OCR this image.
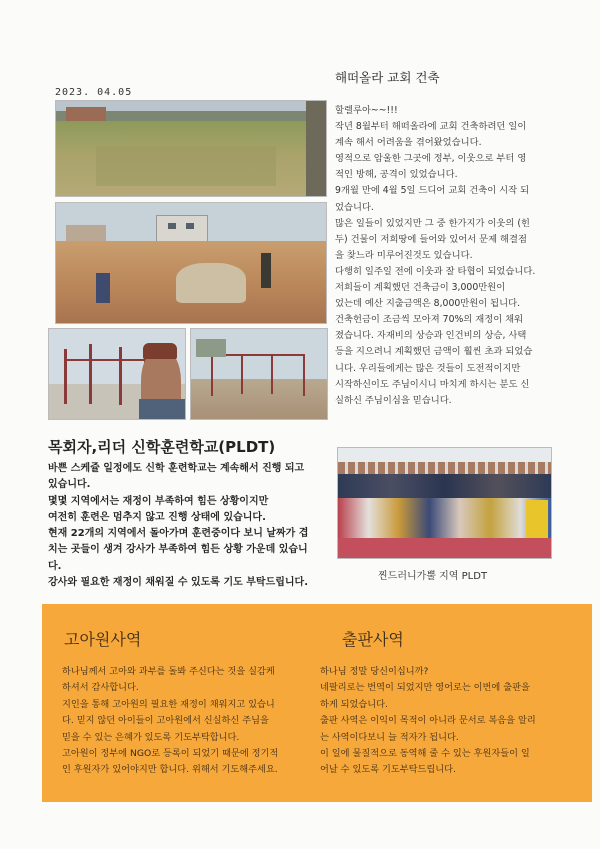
2023. 04.05
해떠올라 교회 건축

할렐루아~~!!!

작년 8월부터 해떠올라에 교회 건축하려던 일이

계속 해서 어려움을 겪어왔었습니다.

영적으로 암울한 그곳에 정부, 이웃으로 부터 영

적인 방해, 공격이 있었습니다.

9개월 만에 4월 5일 드디어 교회 건축이 시작 되

었습니다.

많은 일들이 있었지만 그 중 한가지가 이웃의 (힌

두) 건물이 저희땅에 들어와 있어서 문제 해결점

을 찾느라 미루어진것도 있습니다.

다행히 일주일 전에 이웃과 잘 타협이 되었습니다.

저희들이 계획했던 건축금이 3,000만원이

었는데 예산 지출금액은 8,000만원이 됩니다.

건축헌금이 조금씩 모아져 70%의 재정이 채워

졌습니다. 자재비의 상승과 인건비의 상승, 사택

등을 지으려니 계획했던 금액이 훨씬 초과 되었습

니다. 우리들에게는 많은 것들이 도전적이지만

시작하신이도 주님이시니 마치게 하시는 분도 신

실하신 주님이심을 믿습니다.

목회자,리더 신학훈련학교(PLDT)

바쁜 스케쥴 일정에도 신학 훈련학교는 계속해서 진행 되고

있습니다.

몇몇 지역에서는 재정이 부족하여 힘든 상황이지만

여전히 훈련은 멈추지 않고 진행 상태에 있습니다.

현재 22개의 지역에서 돌아가며 훈련중이다 보니 날짜가 겹

치는 곳들이 생겨 강사가 부족하여 힘든 상황 가운데 있습니

다.

강사와 필요한 재정이 채워질 수 있도록 기도 부탁드립니다.

찐드러니가뿔 지역 PLDT
고아원사역

하나님께서 고아와 과부를 돌봐 주신다는 것을 실감케

하셔서 감사합니다.

지인을 통해 고아원의 필요한 재정이 채워지고 있습니

다. 믿지 않던 아이들이 고아원에서 신실하신 주님을

믿을 수 있는 은혜가 있도록 기도부탁합니다.

고아원이 정부에 NGO로 등록이 되었기 때문에 정기적

인 후원자가 있어야지만 합니다. 위해서 기도해주세요.

출판사역

하나님 정말 당신이십니까?

네팔리로는 번역이 되었지만 영어로는 이번에 출판을

하게 되었습니다.

출판 사역은 이익이 목적이 아니라 문서로 복음을 알리

는 사역이다보니 늘 적자가 됩니다.

이 일에 물질적으로 동역해 줄 수 있는 후원자들이 일

어날 수 있도록 기도부탁드립니다.
